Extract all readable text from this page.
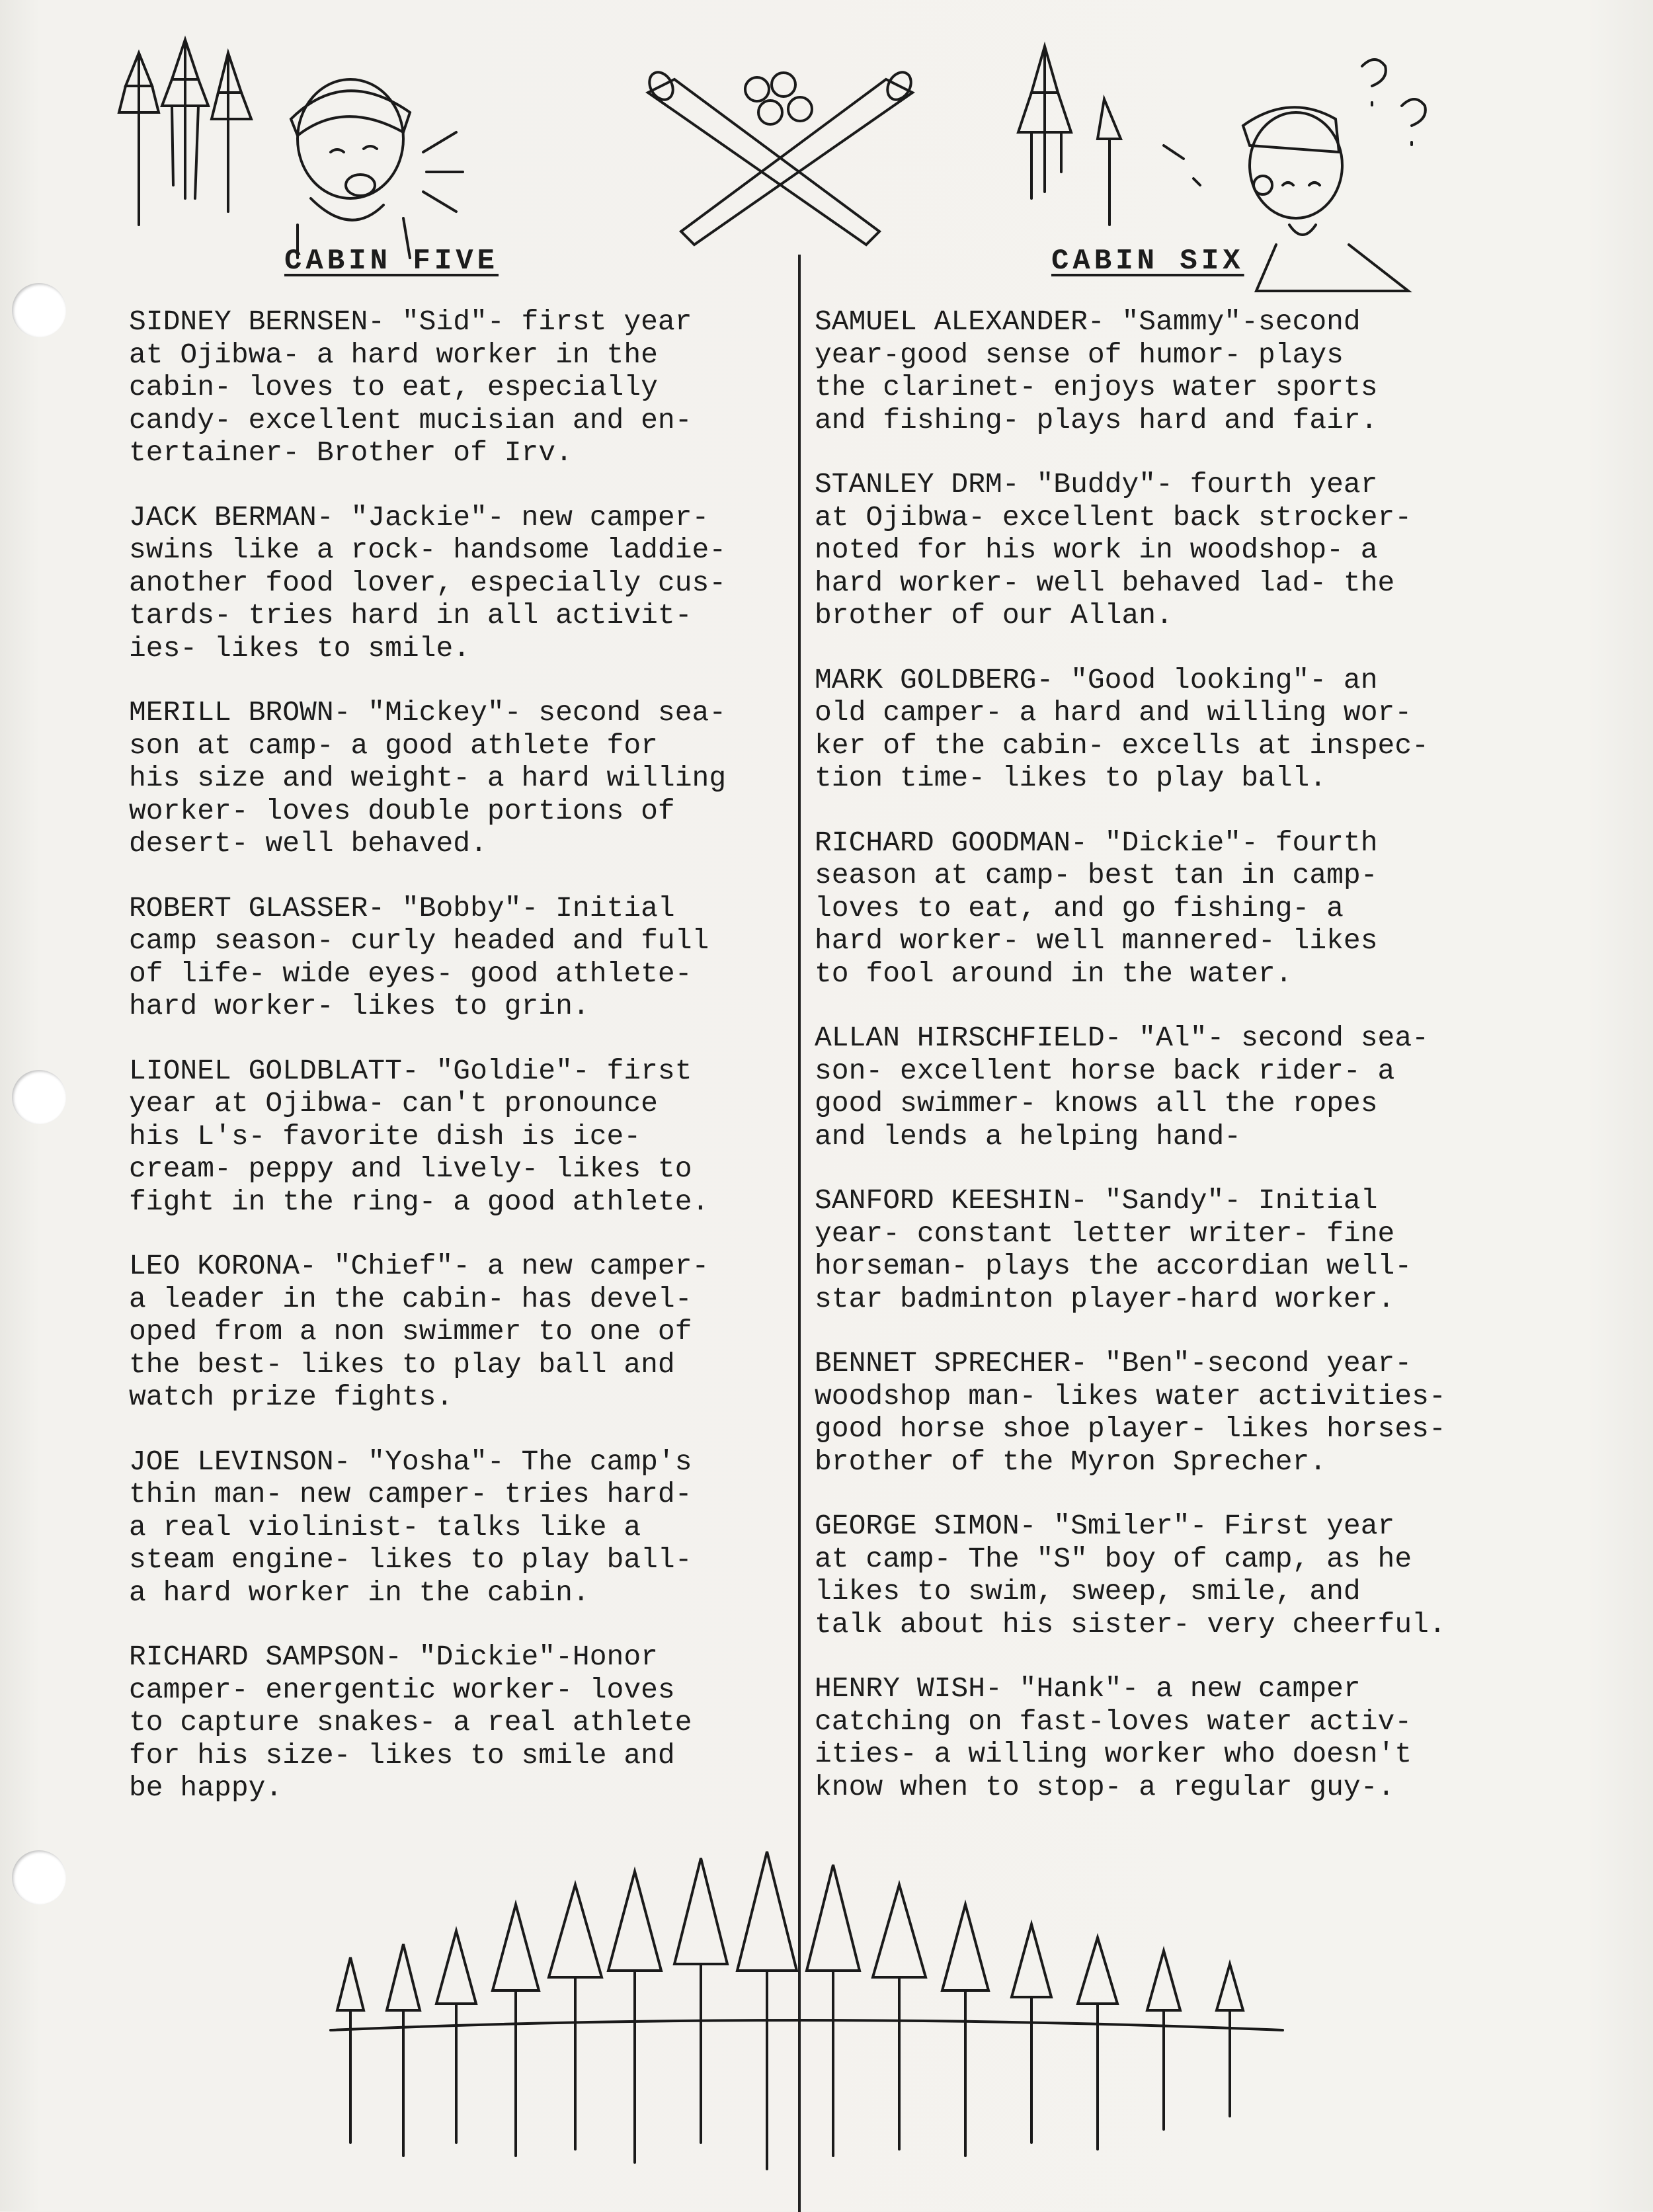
CABIN FIVE	CABIN SIX

SIDNEY BERNSEN- "Sid"- first year
at Ojibwa- a hard worker in the
cabin- loves to eat, especially
candy- excellent mucisian and en-
tertainer- Brother of Irv.

JACK BERMAN- "Jackie"- new camper-
swins like a rock- handsome laddie-
another food lover, especially cus-
tards- tries hard in all activit-
ies- likes to smile.

MERILL BROWN- "Mickey"- second sea-
son at camp- a good athlete for
his size and weight- a hard willing
worker- loves double portions of
desert- well behaved.

ROBERT GLASSER- "Bobby"- Initial
camp season- curly headed and full
of life- wide eyes- good athlete-
hard worker- likes to grin.

LIONEL GOLDBLATT- "Goldie"- first
year at Ojibwa- can't pronounce
his L's- favorite dish is ice-
cream- peppy and lively- likes to
fight in the ring- a good athlete.

LEO KORONA- "Chief"- a new camper-
a leader in the cabin- has devel-
oped from a non swimmer to one of
the best- likes to play ball and
watch prize fights.

JOE LEVINSON- "Yosha"- The camp's
thin man- new camper- tries hard-
a real violinist- talks like a
steam engine- likes to play ball-
a hard worker in the cabin.

RICHARD SAMPSON- "Dickie"-Honor
camper- energentic worker- loves
to capture snakes- a real athlete
for his size- likes to smile and
be happy.

SAMUEL ALEXANDER- "Sammy"-second
year-good sense of humor- plays
the clarinet- enjoys water sports
and fishing- plays hard and fair.

STANLEY DRM- "Buddy"- fourth year
at Ojibwa- excellent back strocker-
noted for his work in woodshop- a
hard worker- well behaved lad- the
brother of our Allan.

MARK GOLDBERG- "Good looking"- an
old camper- a hard and willing wor-
ker of the cabin- excells at inspec-
tion time- likes to play ball.

RICHARD GOODMAN- "Dickie"- fourth
season at camp- best tan in camp-
loves to eat, and go fishing- a
hard worker- well mannered- likes
to fool around in the water.

ALLAN HIRSCHFIELD- "Al"- second sea-
son- excellent horse back rider- a
good swimmer- knows all the ropes
and lends a helping hand-

SANFORD KEESHIN- "Sandy"- Initial
year- constant letter writer- fine
horseman- plays the accordian well-
star badminton player-hard worker.

BENNET SPRECHER- "Ben"-second year-
woodshop man- likes water activities-
good horse shoe player- likes horses-
brother of the Myron Sprecher.

GEORGE SIMON- "Smiler"- First year
at camp- The "S" boy of camp, as he
likes to swim, sweep, smile, and
talk about his sister- very cheerful.

HENRY WISH- "Hank"- a new camper
catching on fast-loves water activ-
ities- a willing worker who doesn't
know when to stop- a regular guy-.
